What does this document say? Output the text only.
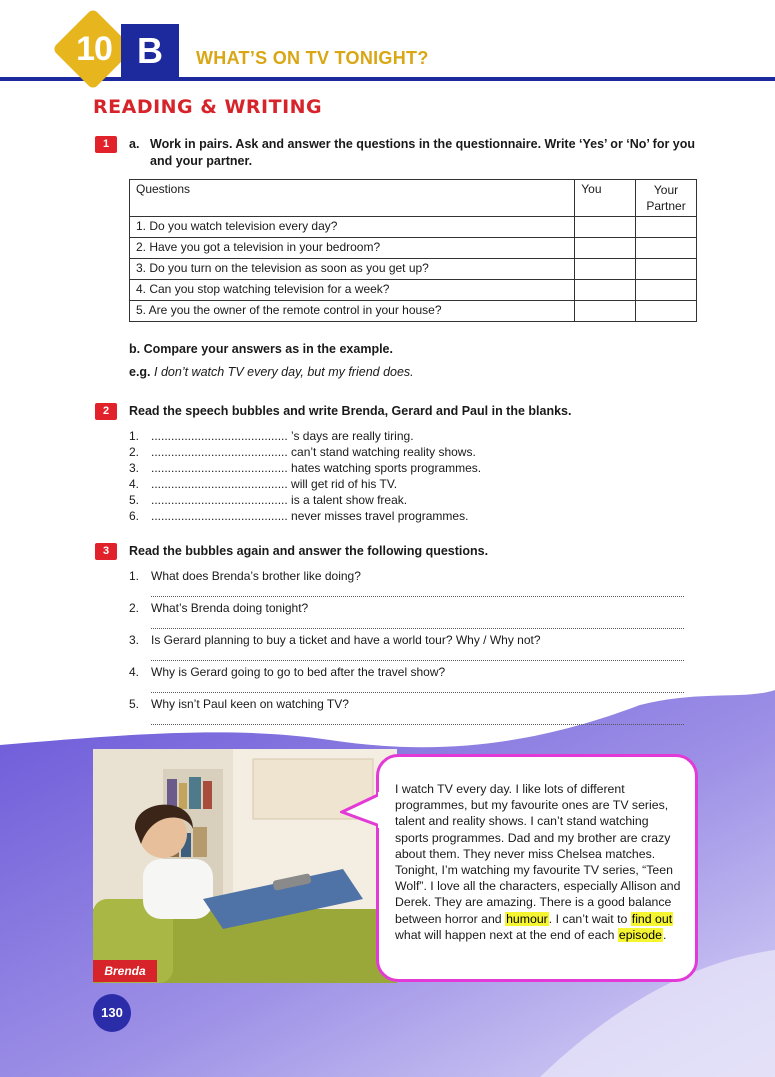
10 B	WHAT’S ON TV TONIGHT?
READING & WRITING
1	a. Work in pairs. Ask and answer the questions in the questionnaire. Write ‘Yes’ or ‘No’ for you and your partner.
Questions	You	Your Partner
1. Do you watch television every day?		
2. Have you got a television in your bedroom?		
3. Do you turn on the television as soon as you get up?		
4. Can you stop watching television for a week?		
5. Are you the owner of the remote control in your house?		
b. Compare your answers as in the example.
e.g. I don’t watch TV every day, but my friend does.
2	Read the speech bubbles and write Brenda, Gerard and Paul in the blanks.
1. ......................................... ’s days are really tiring.
2. ......................................... can’t stand watching reality shows.
3. ......................................... hates watching sports programmes.
4. ......................................... will get rid of his TV.
5. ......................................... is a talent show freak.
6. ......................................... never misses travel programmes.
3	Read the bubbles again and answer the following questions.
1. What does Brenda’s brother like doing?
2. What’s Brenda doing tonight?
3. Is Gerard planning to buy a ticket and have a world tour? Why / Why not?
4. Why is Gerard going to go to bed after the travel show?
5. Why isn’t Paul keen on watching TV?
Brenda
I watch TV every day. I like lots of different programmes, but my favourite ones are TV series, talent and reality shows. I can’t stand watching sports programmes. Dad and my brother are crazy about them. They never miss Chelsea matches. Tonight, I’m watching my favourite TV series, “Teen Wolf”. I love all the characters, especially Allison and Derek. They are amazing. There is a good balance between horror and humour. I can’t wait to find out what will happen next at the end of each episode.
130
